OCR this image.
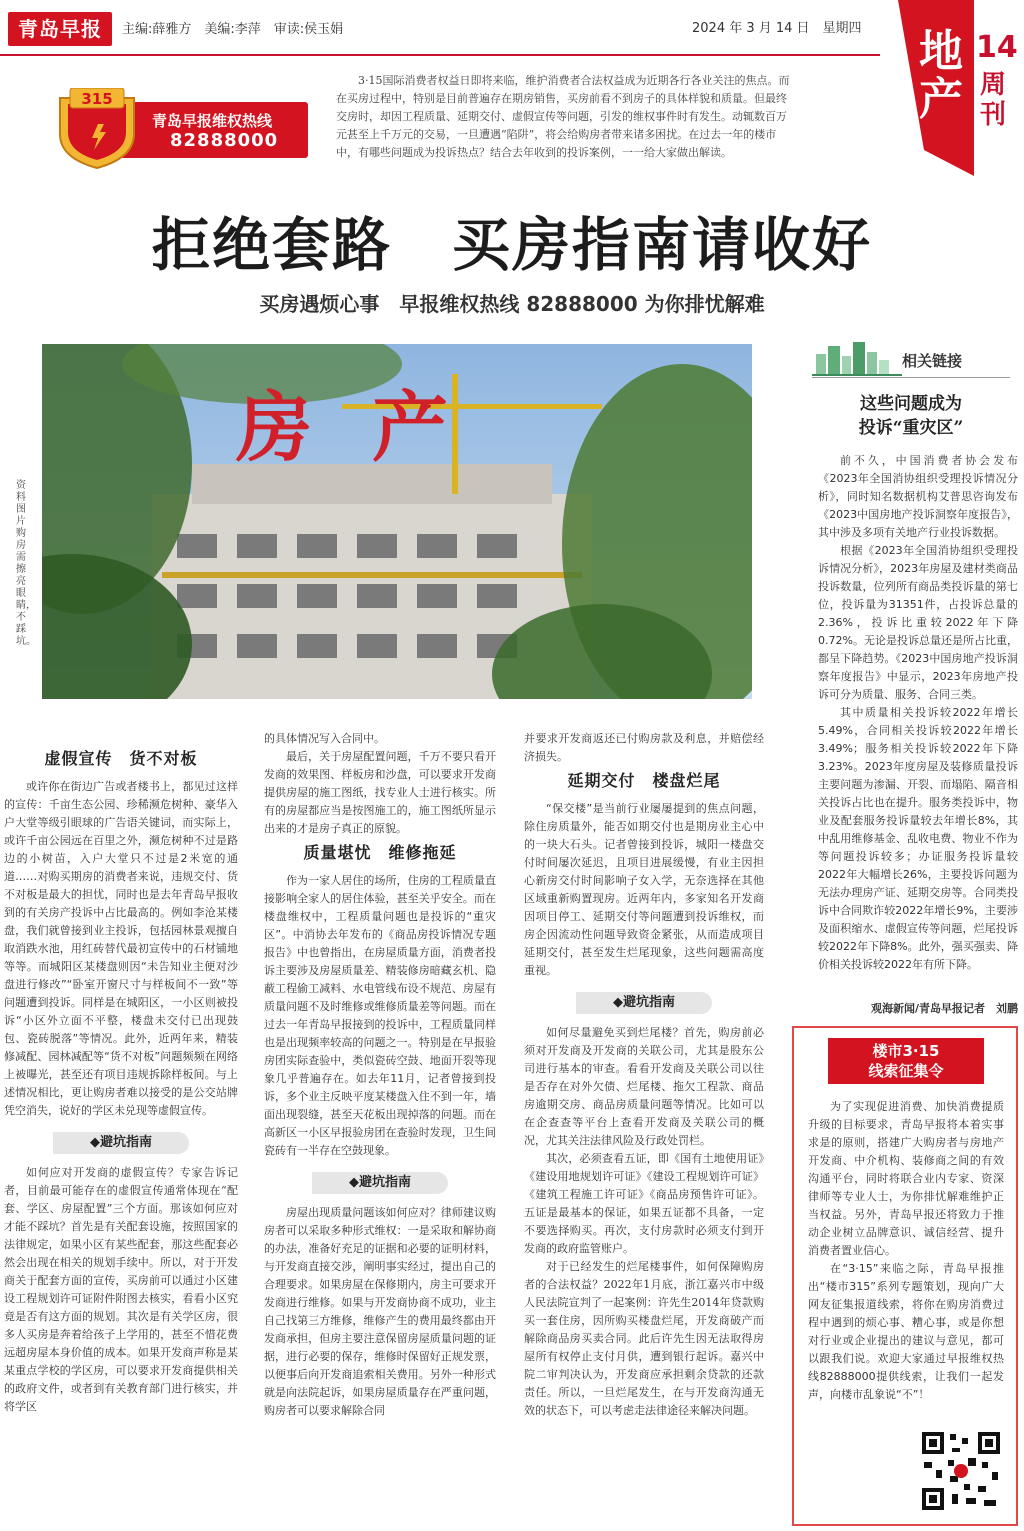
青岛早报	主编:薛雅方　美编:李萍　审读:侯玉娟	2024 年 3 月 14 日　星期四 地产
14
周刊
315
青岛早报维权热线
82888000

3·15国际消费者权益日即将来临，维护消费者合法权益成为近期各行各业关注的焦点。而在买房过程中，特别是目前普遍存在期房销售，买房前看不到房子的具体样貌和质量。但最终交房时，却因工程质量、延期交付、虚假宣传等问题，引发的维权事件时有发生。动辄数百万元甚至上千万元的交易，一旦遭遇“陷阱”，将会给购房者带来诸多困扰。在过去一年的楼市中，有哪些问题成为投诉热点？结合去年收到的投诉案例，一一给大家做出解读。

拒绝套路　买房指南请收好
买房遇烦心事　早报维权热线 82888000 为你排忧解难
房产
资料图片　购房需擦亮眼睛，不踩坑。
虚假宣传　货不对板

或许你在街边广告或者楼书上，都见过这样的宣传：千亩生态公园、珍稀濒危树种、豪华入户大堂等级引眼球的广告语关键词，而实际上，或许千亩公园远在百里之外，濒危树种不过是路边的小树苗，入户大堂只不过是2米宽的通道……对购买期房的消费者来说，违规交付、货不对板是最大的担忧，同时也是去年青岛早报收到的有关房产投诉中占比最高的。例如李沧某楼盘，我们就曾接到业主投诉，包括园林景观擅自取消跌水池，用红砖替代最初宣传中的石材铺地等等。而城阳区某楼盘则因“未告知业主便对沙盘进行修改”“卧室开窗尺寸与样板间不一致”等问题遭到投诉。同样是在城阳区，一小区则被投诉“小区外立面不平整，楼盘未交付已出现鼓包、瓷砖脱落”等情况。此外，近两年来，精装修减配、园林减配等“货不对板”问题频频在网络上被曝光，甚至还有项目违规拆除样板间。与上述情况相比，更让购房者难以接受的是公交站牌凭空消失，说好的学区未兑现等虚假宣传。

◆避坑指南

如何应对开发商的虚假宣传？专家告诉记者，目前最可能存在的虚假宣传通常体现在“配套、学区、房屋配置”三个方面。那该如何应对才能不踩坑？首先是有关配套设施，按照国家的法律规定，如果小区有某些配套，那这些配套必然会出现在相关的规划手续中。所以，对于开发商关于配套方面的宣传，买房前可以通过小区建设工程规划许可证附件附图去核实，看看小区究竟是否有这方面的规划。其次是有关学区房，很多人买房是奔着给孩子上学用的，甚至不惜花费远超房屋本身价值的成本。如果开发商声称是某某重点学校的学区房，可以要求开发商提供相关的政府文件，或者到有关教育部门进行核实，并将学区

的具体情况写入合同中。

最后，关于房屋配置问题，千万不要只看开发商的效果图、样板房和沙盘，可以要求开发商提供房屋的施工图纸，找专业人士进行核实。所有的房屋都应当是按图施工的，施工图纸所显示出来的才是房子真正的原貌。

质量堪忧　维修拖延

作为一家人居住的场所，住房的工程质量直接影响全家人的居住体验，甚至关乎安全。而在楼盘维权中，工程质量问题也是投诉的“重灾区”。中消协去年发布的《商品房投诉情况专题报告》中也曾指出，在房屋质量方面，消费者投诉主要涉及房屋质量差、精装修房暗藏玄机、隐蔽工程偷工减料、水电管线布设不规范、房屋有质量问题不及时维修或维修质量差等问题。而在过去一年青岛早报接到的投诉中，工程质量同样也是出现频率较高的问题之一。特别是在早报验房团实际查验中，类似瓷砖空鼓、地面开裂等现象几乎普遍存在。如去年11月，记者曾接到投诉，多个业主反映平度某楼盘入住不到一年，墙面出现裂缝，甚至天花板出现掉落的问题。而在高新区一小区早报验房团在查验时发现，卫生间瓷砖有一半存在空鼓现象。

◆避坑指南

房屋出现质量问题该如何应对？律师建议购房者可以采取多种形式维权：一是采取和解协商的办法，准备好充足的证据和必要的证明材料，与开发商直接交涉，阐明事实经过，提出自己的合理要求。如果房屋在保修期内，房主可要求开发商进行维修。如果与开发商协商不成功，业主自己找第三方维修，维修产生的费用最终都由开发商承担，但房主要注意保留房屋质量问题的证据，进行必要的保存，维修时保留好正规发票，以便事后向开发商追索相关费用。另外一种形式就是向法院起诉，如果房屋质量存在严重问题，购房者可以要求解除合同

并要求开发商返还已付购房款及利息，并赔偿经济损失。

延期交付　楼盘烂尾

“保交楼”是当前行业屡屡提到的焦点问题，除住房质量外，能否如期交付也是期房业主心中的一块大石头。记者曾接到投诉，城阳一楼盘交付时间屡次延迟，且项目进展缓慢，有业主因担心新房交付时间影响子女入学，无奈选择在其他区域重新购置现房。近两年内，多家知名开发商因项目停工、延期交付等问题遭到投诉维权，而房企因流动性问题导致资金紧张，从而造成项目延期交付，甚至发生烂尾现象，这些问题需高度重视。

◆避坑指南

如何尽量避免买到烂尾楼？首先，购房前必须对开发商及开发商的关联公司，尤其是股东公司进行基本的审查。看看开发商及关联公司以往是否存在对外欠债、烂尾楼、拖欠工程款、商品房逾期交房、商品房质量问题等情况。比如可以在企查查等平台上查看开发商及关联公司的概况，尤其关注法律风险及行政处罚栏。

其次，必须查看五证，即《国有土地使用证》《建设用地规划许可证》《建设工程规划许可证》《建筑工程施工许可证》《商品房预售许可证》。五证是最基本的保证，如果五证都不具备，一定不要选择购买。再次，支付房款时必须支付到开发商的政府监管账户。

对于已经发生的烂尾楼事件，如何保障购房者的合法权益？2022年1月底，浙江嘉兴市中级人民法院宣判了一起案例：许先生2014年贷款购买一套住房，因所购买楼盘烂尾，开发商破产而解除商品房买卖合同。此后许先生因无法取得房屋所有权停止支付月供，遭到银行起诉。嘉兴中院二审判决认为，开发商应承担剩余贷款的还款责任。所以，一旦烂尾发生，在与开发商沟通无效的状态下，可以考虑走法律途径来解决问题。

相关链接
这些问题成为
投诉“重灾区”

前不久，中国消费者协会发布《2023年全国消协组织受理投诉情况分析》，同时知名数据机构艾普思咨询发布《2023中国房地产投诉洞察年度报告》，其中涉及多项有关地产行业投诉数据。

根据《2023年全国消协组织受理投诉情况分析》，2023年房屋及建材类商品投诉数量，位列所有商品类投诉量的第七位，投诉量为31351件，占投诉总量的2.36%，投诉比重较2022年下降0.72%。无论是投诉总量还是所占比重，都呈下降趋势。《2023中国房地产投诉洞察年度报告》中显示，2023年房地产投诉可分为质量、服务、合同三类。

其中质量相关投诉较2022年增长5.49%，合同相关投诉较2022年增长3.49%；服务相关投诉较2022年下降3.23%。2023年度房屋及装修质量投诉主要问题为渗漏、开裂、而塌陷、隔音相关投诉占比也在提升。服务类投诉中，物业及配套服务投诉量较去年增长8%，其中乱用维修基金、乱收电费、物业不作为等问题投诉较多；办证服务投诉量较2022年大幅增长26%，主要投诉问题为无法办理房产证、延期交房等。合同类投诉中合同欺诈较2022年增长9%，主要涉及面积缩水、虚假宣传等问题，烂尾投诉较2022年下降8%。此外，强买强卖、降价相关投诉较2022年有所下降。

观海新闻/青岛早报记者　刘鹏
楼市3·15
线索征集令

为了实现促进消费、加快消费提质升级的目标要求，青岛早报将本着实事求是的原则，搭建广大购房者与房地产开发商、中介机构、装修商之间的有效沟通平台，同时将联合业内专家、资深律师等专业人士，为你排忧解难维护正当权益。另外，青岛早报还将致力于推动企业树立品牌意识、诚信经营、提升消费者置业信心。

在“3·15”来临之际，青岛早报推出“楼市315”系列专题策划，现向广大网友征集报道线索，将你在购房消费过程中遇到的烦心事、糟心事，或是你想对行业或企业提出的建议与意见，都可以跟我们说。欢迎大家通过早报维权热线82888000提供线索，让我们一起发声，向楼市乱象说“不”！
